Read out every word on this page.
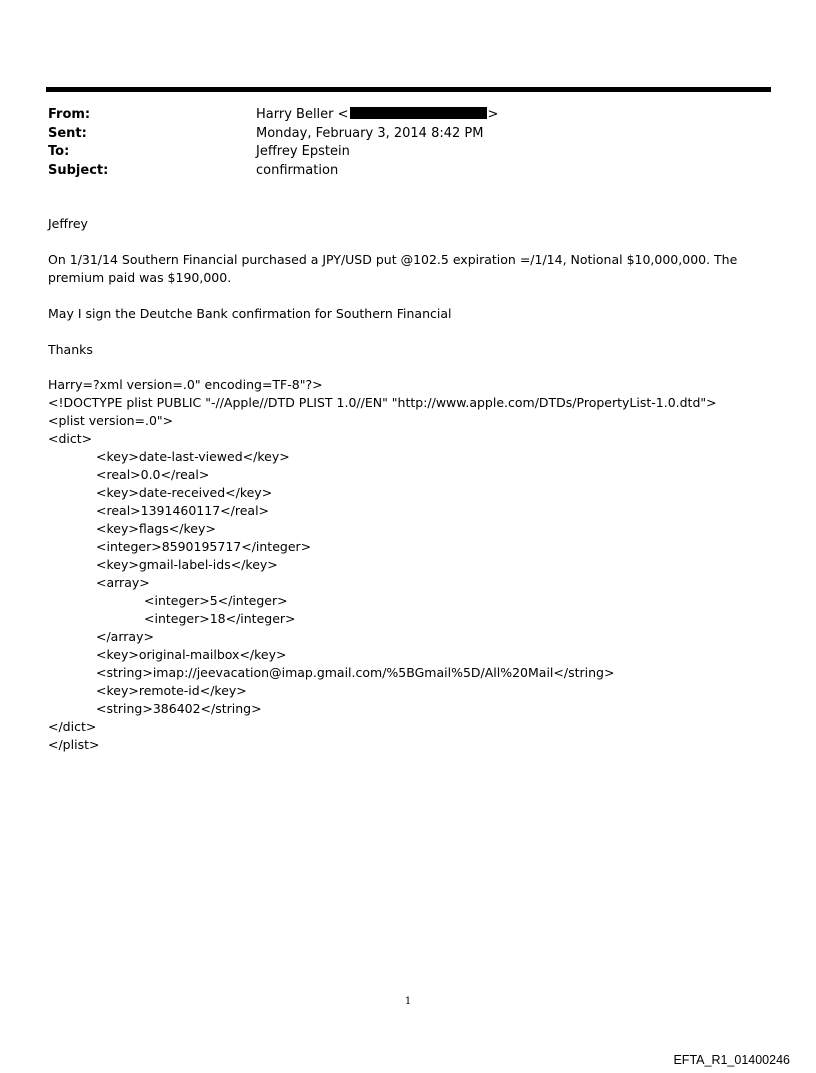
From:	Harry Beller <	>
Sent:	Monday, February 3, 2014 8:42 PM
To:	Jeffrey Epstein
Subject:	confirmation
Jeffrey
On 1/31/14 Southern Financial purchased a JPY/USD put @102.5 expiration =/1/14, Notional $10,000,000. The premium paid was $190,000.
May I sign the Deutche Bank confirmation for Southern Financial
Thanks
Harry=?xml version=.0" encoding=TF-8"?>
<!DOCTYPE plist PUBLIC "-//Apple//DTD PLIST 1.0//EN" "http://www.apple.com/DTDs/PropertyList-1.0.dtd">
<plist version=.0">
<dict>
<key>date-last-viewed</key>
<real>0.0</real>
<key>date-received</key>
<real>1391460117</real>
<key>flags</key>
<integer>8590195717</integer>
<key>gmail-label-ids</key>
<array>
<integer>5</integer>
<integer>18</integer>
</array>
<key>original-mailbox</key>
<string>imap://jeevacation@imap.gmail.com/%5BGmail%5D/All%20Mail</string>
<key>remote-id</key>
<string>386402</string>
</dict>
</plist>
1
EFTA_R1_01400246
